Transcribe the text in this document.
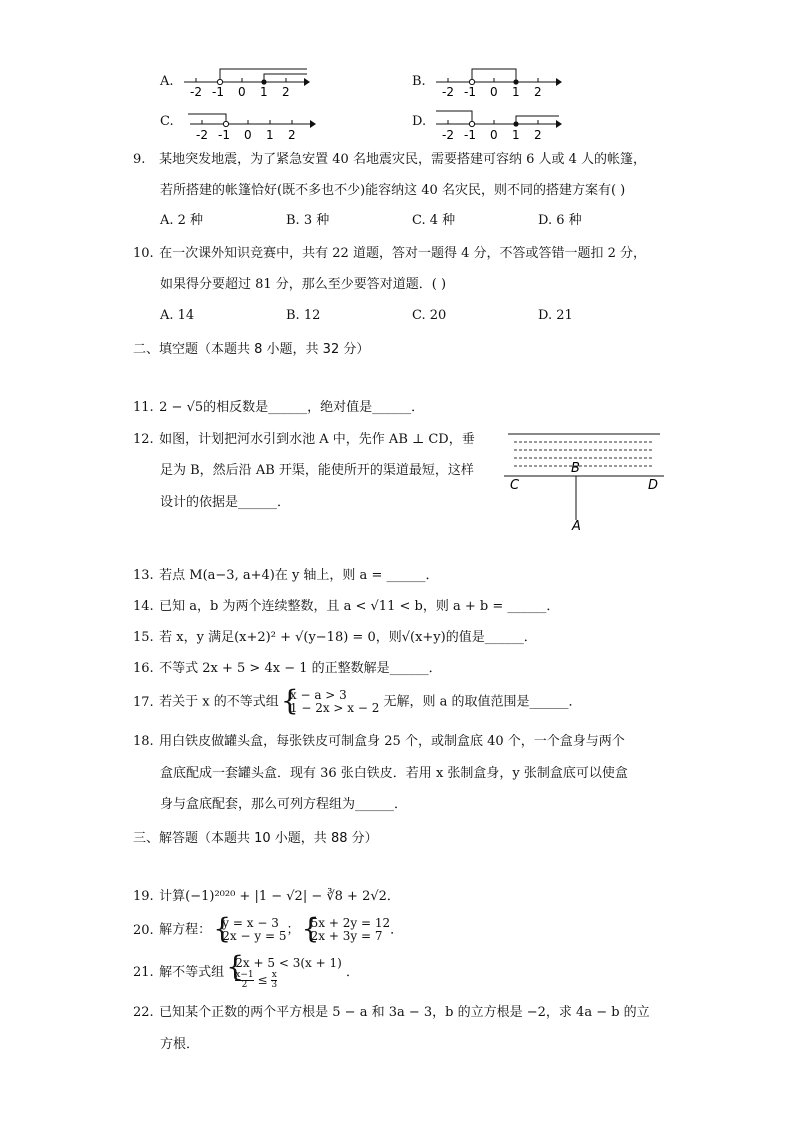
A.
-2 -1 0 1 2
B.
-2 -1 0 1 2
C.
-2 -1 0 1 2
D.
-2 -1 0 1 2
9. 某地突发地震，为了紧急安置 40 名地震灾民，需要搭建可容纳 6 人或 4 人的帐篷，
若所搭建的帐篷恰好(既不多也不少)能容纳这 40 名灾民，则不同的搭建方案有( )
A. 2 种	B. 3 种	C. 4 种	D. 6 种
10. 在一次课外知识竞赛中，共有 22 道题，答对一题得 4 分，不答或答错一题扣 2 分，
如果得分要超过 81 分，那么至少要答对道题．( )
A. 14	B. 12	C. 20	D. 21
二、填空题（本题共 8 小题，共 32 分）
11. 2 − √5的相反数是______，绝对值是______．
12. 如图，计划把河水引到水池 A 中，先作 AB ⊥ CD，垂
足为 B，然后沿 AB 开渠，能使所开的渠道最短，这样
设计的依据是______．
B
C	D
A
13. 若点 M(a−3, a+4)在 y 轴上，则 a = ______．
14. 已知 a，b 为两个连续整数，且 a < √11 < b，则 a + b = ______．
15. 若 x，y 满足(x+2)² + √(y−18) = 0，则√(x+y)的值是______．
16. 不等式 2x + 5 > 4x − 1 的正整数解是______．
17. 若关于 x 的不等式组 { x − a > 3
1 − 2x > x − 2 无解，则 a 的取值范围是______．
18. 用白铁皮做罐头盒，每张铁皮可制盒身 25 个，或制盒底 40 个，一个盒身与两个
盒底配成一套罐头盒．现有 36 张白铁皮．若用 x 张制盒身，y 张制盒底可以使盒
身与盒底配套，那么可列方程组为______．
三、解答题（本题共 10 小题，共 88 分）
19. 计算(−1)²⁰²⁰ + |1 − √2| − ∛8 + 2√2．
20. 解方程： { y = x − 3
2x − y = 5 ； { 5x + 2y = 12
2x + 3y = 7 ．
21. 解不等式组
{ 2x + 5 < 3(x + 1)
$\frac{x-1}{2} \le \frac{x}{3}$	．
22. 已知某个正数的两个平方根是 5 − a 和 3a − 3，b 的立方根是 −2，求 4a − b 的立
方根．
